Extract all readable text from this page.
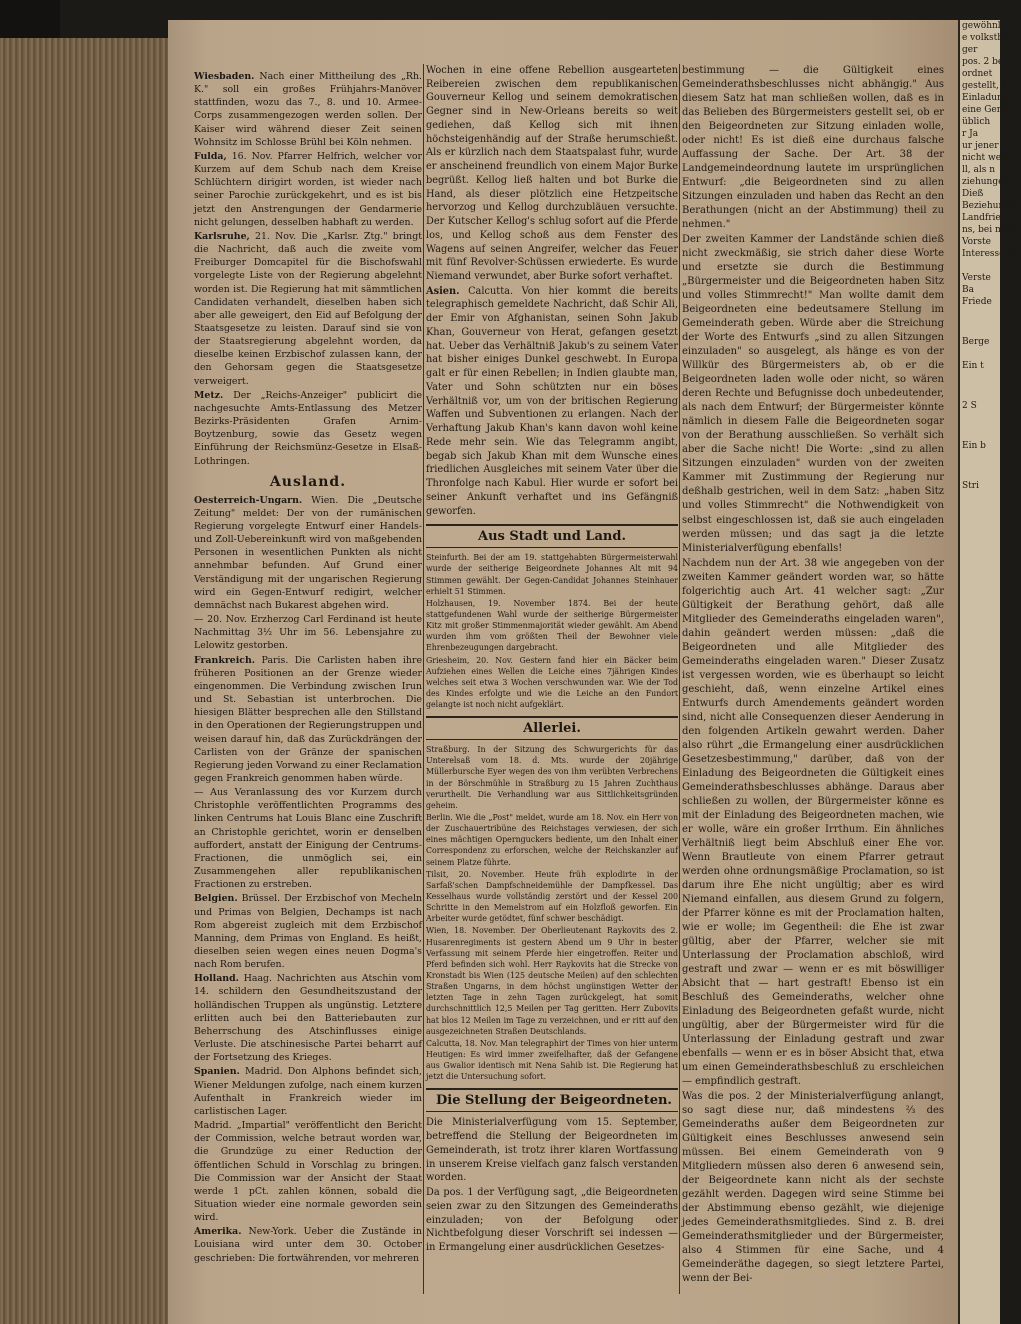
Wiesbaden. Nach einer Mittheilung des „Rh. K." soll ein großes Frühjahrs-Manöver stattfinden, wozu das 7., 8. und 10. Armee-Corps zusammengezogen werden sollen. Der Kaiser wird während dieser Zeit seinen Wohnsitz im Schlosse Brühl bei Köln nehmen.

Fulda, 16. Nov. Pfarrer Helfrich, welcher vor Kurzem auf dem Schub nach dem Kreise Schlüchtern dirigirt worden, ist wieder nach seiner Parochie zurückgekehrt, und es ist bis jetzt den Anstrengungen der Gendarmerie nicht gelungen, desselben habhaft zu werden.

Karlsruhe, 21. Nov. Die „Karlsr. Ztg." bringt die Nachricht, daß auch die zweite vom Freiburger Domcapitel für die Bischofswahl vorgelegte Liste von der Regierung abgelehnt worden ist. Die Regierung hat mit sämmtlichen Candidaten verhandelt, dieselben haben sich aber alle geweigert, den Eid auf Befolgung der Staatsgesetze zu leisten. Darauf sind sie von der Staatsregierung abgelehnt worden, da dieselbe keinen Erzbischof zulassen kann, der den Gehorsam gegen die Staatsgesetze verweigert.

Metz. Der „Reichs-Anzeiger" publicirt die nachgesuchte Amts-Entlassung des Metzer Bezirks-Präsidenten Grafen Arnim-Boytzenburg, sowie das Gesetz wegen Einführung der Reichsmünz-Gesetze in Elsaß-Lothringen.

Ausland.

Oesterreich-Ungarn. Wien. Die „Deutsche Zeitung" meldet: Der von der rumänischen Regierung vorgelegte Entwurf einer Handels- und Zoll-Uebereinkunft wird von maßgebenden Personen in wesentlichen Punkten als nicht annehmbar befunden. Auf Grund einer Verständigung mit der ungarischen Regierung wird ein Gegen-Entwurf redigirt, welcher demnächst nach Bukarest abgehen wird.

— 20. Nov. Erzherzog Carl Ferdinand ist heute Nachmittag 3½ Uhr im 56. Lebensjahre zu Lelowitz gestorben.

Frankreich. Paris. Die Carlisten haben ihre früheren Positionen an der Grenze wieder eingenommen. Die Verbindung zwischen Irun und St. Sebastian ist unterbrochen. Die hiesigen Blätter besprechen alle den Stillstand in den Operationen der Regierungstruppen und weisen darauf hin, daß das Zurückdrängen der Carlisten von der Gränze der spanischen Regierung jeden Vorwand zu einer Reclamation gegen Frankreich genommen haben würde.

— Aus Veranlassung des vor Kurzem durch Christophle veröffentlichten Programms des linken Centrums hat Louis Blanc eine Zuschrift an Christophle gerichtet, worin er denselben auffordert, anstatt der Einigung der Centrums-Fractionen, die unmöglich sei, ein Zusammengehen aller republikanischen Fractionen zu erstreben.

Belgien. Brüssel. Der Erzbischof von Mecheln und Primas von Belgien, Dechamps ist nach Rom abgereist zugleich mit dem Erzbischof Manning, dem Primas von England. Es heißt, dieselben seien wegen eines neuen Dogma's nach Rom berufen.

Holland. Haag. Nachrichten aus Atschin vom 14. schildern den Gesundheitszustand der holländischen Truppen als ungünstig. Letztere erlitten auch bei den Batteriebauten zur Beherrschung des Atschinflusses einige Verluste. Die atschinesische Partei beharrt auf der Fortsetzung des Krieges.

Spanien. Madrid. Don Alphons befindet sich, Wiener Meldungen zufolge, nach einem kurzen Aufenthalt in Frankreich wieder im carlistischen Lager.

Madrid. „Impartial" veröffentlicht den Bericht der Commission, welche betraut worden war, die Grundzüge zu einer Reduction der öffentlichen Schuld in Vorschlag zu bringen. Die Commission war der Ansicht der Staat werde 1 pCt. zahlen können, sobald die Situation wieder eine normale geworden sein wird.

Amerika. New-York. Ueber die Zustände in Louisiana wird unter dem 30. October geschrieben: Die fortwährenden, vor mehreren

Wochen in eine offene Rebellion ausgearteten Reibereien zwischen dem republikanischen Gouverneur Kellog und seinem demokratischen Gegner sind in New-Orleans bereits so weit gediehen, daß Kellog sich mit ihnen höchsteigenhändig auf der Straße herumschießt. Als er kürzlich nach dem Staatspalast fuhr, wurde er anscheinend freundlich von einem Major Burke begrüßt. Kellog ließ halten und bot Burke die Hand, als dieser plötzlich eine Hetzpeitsche hervorzog und Kellog durchzubläuen versuchte. Der Kutscher Kellog's schlug sofort auf die Pferde los, und Kellog schoß aus dem Fenster des Wagens auf seinen Angreifer, welcher das Feuer mit fünf Revolver-Schüssen erwiederte. Es wurde Niemand verwundet, aber Burke sofort verhaftet.

Asien. Calcutta. Von hier kommt die bereits telegraphisch gemeldete Nachricht, daß Schir Ali, der Emir von Afghanistan, seinen Sohn Jakub Khan, Gouverneur von Herat, gefangen gesetzt hat. Ueber das Verhältniß Jakub's zu seinem Vater hat bisher einiges Dunkel geschwebt. In Europa galt er für einen Rebellen; in Indien glaubte man, Vater und Sohn schützten nur ein böses Verhältniß vor, um von der britischen Regierung Waffen und Subventionen zu erlangen. Nach der Verhaftung Jakub Khan's kann davon wohl keine Rede mehr sein. Wie das Telegramm angibt, begab sich Jakub Khan mit dem Wunsche eines friedlichen Ausgleiches mit seinem Vater über die Thronfolge nach Kabul. Hier wurde er sofort bei seiner Ankunft verhaftet und ins Gefängniß geworfen.

Aus Stadt und Land.

Steinfurth. Bei der am 19. stattgehabten Bürgermeisterwahl wurde der seitherige Beigeordnete Johannes Alt mit 94 Stimmen gewählt. Der Gegen-Candidat Johannes Steinhauer erhielt 51 Stimmen.

Holzhausen, 19. November 1874. Bei der heute stattgefundenen Wahl wurde der seitherige Bürgermeister Kitz mit großer Stimmenmajorität wieder gewählt. Am Abend wurden ihm vom größten Theil der Bewohner viele Ehrenbezeugungen dargebracht.

Griesheim, 20. Nov. Gestern fand hier ein Bäcker beim Aufziehen eines Wellen die Leiche eines 7jährigen Kindes welches seit etwa 3 Wochen verschwunden war. Wie der Tod des Kindes erfolgte und wie die Leiche an den Fundort gelangte ist noch nicht aufgeklärt.

Allerlei.

Straßburg. In der Sitzung des Schwurgerichts für das Unterelsaß vom 18. d. Mts. wurde der 20jährige Müllerbursche Eyer wegen des von ihm verübten Verbrechens in der Börschmühle in Straßburg zu 15 Jahren Zuchthaus verurtheilt. Die Verhandlung war aus Sittlichkeitsgründen geheim.

Berlin. Wie die „Post" meldet, wurde am 18. Nov. ein Herr von der Zuschauertribüne des Reichstages verwiesen, der sich eines mächtigen Opernguckers bediente, um den Inhalt einer Correspondenz zu erforschen, welche der Reichskanzler auf seinem Platze führte.

Tilsit, 20. November. Heute früh explodirte in der Sarfaß'schen Dampfschneidemühle der Dampfkessel. Das Kesselhaus wurde vollständig zerstört und der Kessel 200 Schritte in den Memelstrom auf ein Holzfloß geworfen. Ein Arbeiter wurde getödtet, fünf schwer beschädigt.

Wien, 18. November. Der Oberlieutenant Raykovits des 2. Husarenregiments ist gestern Abend um 9 Uhr in bester Verfassung mit seinem Pferde hier eingetroffen. Reiter und Pferd befinden sich wohl. Herr Raykovits hat die Strecke von Kronstadt bis Wien (125 deutsche Meilen) auf den schlechten Straßen Ungarns, in dem höchst ungünstigen Wetter der letzten Tage in zehn Tagen zurückgelegt, hat somit durchschnittlich 12,5 Meilen per Tag geritten. Herr Zubovits hat blos 12 Meilen im Tage zu verzeichnen, und er ritt auf den ausgezeichneten Straßen Deutschlands.

Calcutta, 18. Nov. Man telegraphirt der Times von hier unterm Heutigen: Es wird immer zweifelhafter, daß der Gefangene aus Gwalior identisch mit Nena Sahib ist. Die Regierung hat jetzt die Untersuchung sofort.

Die Stellung der Beigeordneten.

Die Ministerialverfügung vom 15. September, betreffend die Stellung der Beigeordneten im Gemeinderath, ist trotz ihrer klaren Wortfassung in unserem Kreise vielfach ganz falsch verstanden worden.

Da pos. 1 der Verfügung sagt, „die Beigeordneten seien zwar zu den Sitzungen des Gemeinderaths einzuladen; von der Befolgung oder Nichtbefolgung dieser Vorschrift sei indessen — in Ermangelung einer ausdrücklichen Gesetzes-

bestimmung — die Gültigkeit eines Gemeinderathsbeschlusses nicht abhängig." Aus diesem Satz hat man schließen wollen, daß es in das Belieben des Bürgermeisters gestellt sei, ob er den Beigeordneten zur Sitzung einladen wolle, oder nicht! Es ist dieß eine durchaus falsche Auffassung der Sache. Der Art. 38 der Landgemeindeordnung lautete im ursprünglichen Entwurf: „die Beigeordneten sind zu allen Sitzungen einzuladen und haben das Recht an den Berathungen (nicht an der Abstimmung) theil zu nehmen."

Der zweiten Kammer der Landstände schien dieß nicht zweckmäßig, sie strich daher diese Worte und ersetzte sie durch die Bestimmung „Bürgermeister und die Beigeordneten haben Sitz und volles Stimmrecht!" Man wollte damit dem Beigeordneten eine bedeutsamere Stellung im Gemeinderath geben. Würde aber die Streichung der Worte des Entwurfs „sind zu allen Sitzungen einzuladen" so ausgelegt, als hänge es von der Willkür des Bürgermeisters ab, ob er die Beigeordneten laden wolle oder nicht, so wären deren Rechte und Befugnisse doch unbedeutender, als nach dem Entwurf; der Bürgermeister könnte nämlich in diesem Falle die Beigeordneten sogar von der Berathung ausschließen. So verhält sich aber die Sache nicht! Die Worte: „sind zu allen Sitzungen einzuladen" wurden von der zweiten Kammer mit Zustimmung der Regierung nur deßhalb gestrichen, weil in dem Satz: „haben Sitz und volles Stimmrecht" die Nothwendigkeit von selbst eingeschlossen ist, daß sie auch eingeladen werden müssen; und das sagt ja die letzte Ministerialverfügung ebenfalls!

Nachdem nun der Art. 38 wie angegeben von der zweiten Kammer geändert worden war, so hätte folgerichtig auch Art. 41 welcher sagt: „Zur Gültigkeit der Berathung gehört, daß alle Mitglieder des Gemeinderaths eingeladen waren", dahin geändert werden müssen: „daß die Beigeordneten und alle Mitglieder des Gemeinderaths eingeladen waren." Dieser Zusatz ist vergessen worden, wie es überhaupt so leicht geschieht, daß, wenn einzelne Artikel eines Entwurfs durch Amendements geändert worden sind, nicht alle Consequenzen dieser Aenderung in den folgenden Artikeln gewahrt werden. Daher also rührt „die Ermangelung einer ausdrücklichen Gesetzesbestimmung," darüber, daß von der Einladung des Beigeordneten die Gültigkeit eines Gemeinderathsbeschlusses abhänge. Daraus aber schließen zu wollen, der Bürgermeister könne es mit der Einladung des Beigeordneten machen, wie er wolle, wäre ein großer Irrthum. Ein ähnliches Verhältniß liegt beim Abschluß einer Ehe vor. Wenn Brautleute von einem Pfarrer getraut werden ohne ordnungsmäßige Proclamation, so ist darum ihre Ehe nicht ungültig; aber es wird Niemand einfallen, aus diesem Grund zu folgern, der Pfarrer könne es mit der Proclamation halten, wie er wolle; im Gegentheil: die Ehe ist zwar gültig, aber der Pfarrer, welcher sie mit Unterlassung der Proclamation abschloß, wird gestraft und zwar — wenn er es mit böswilliger Absicht that — hart gestraft! Ebenso ist ein Beschluß des Gemeinderaths, welcher ohne Einladung des Beigeordneten gefaßt wurde, nicht ungültig, aber der Bürgermeister wird für die Unterlassung der Einladung gestraft und zwar ebenfalls — wenn er es in böser Absicht that, etwa um einen Gemeinderathsbeschluß zu erschleichen — empfindlich gestraft.

Was die pos. 2 der Ministerialverfügung anlangt, so sagt diese nur, daß mindestens ⅔ des Gemeinderaths außer dem Beigeordneten zur Gültigkeit eines Beschlusses anwesend sein müssen. Bei einem Gemeinderath von 9 Mitgliedern müssen also deren 6 anwesend sein, der Beigeordnete kann nicht als der sechste gezählt werden. Dagegen wird seine Stimme bei der Abstimmung ebenso gezählt, wie diejenige jedes Gemeinderathsmitgliedes. Sind z. B. drei Gemeinderathsmitglieder und der Bürgermeister, also 4 Stimmen für eine Sache, und 4 Gemeinderäthe dagegen, so siegt letztere Partei, wenn der Bei-

gewöhnli
e volksthü
ger
pos. 2 be
ordnet
gestellt, E
Einladung
eine Gemei
üblich
r Ja
ur jener S
nicht werd
ll, als n
ziehungen.
Dieß
Beziehungen
Landfried
ns, bei mehr
Vorste
Interesse de

Verste
Ba
Friede

Berge

Ein t

2 S

Ein b

Stri
